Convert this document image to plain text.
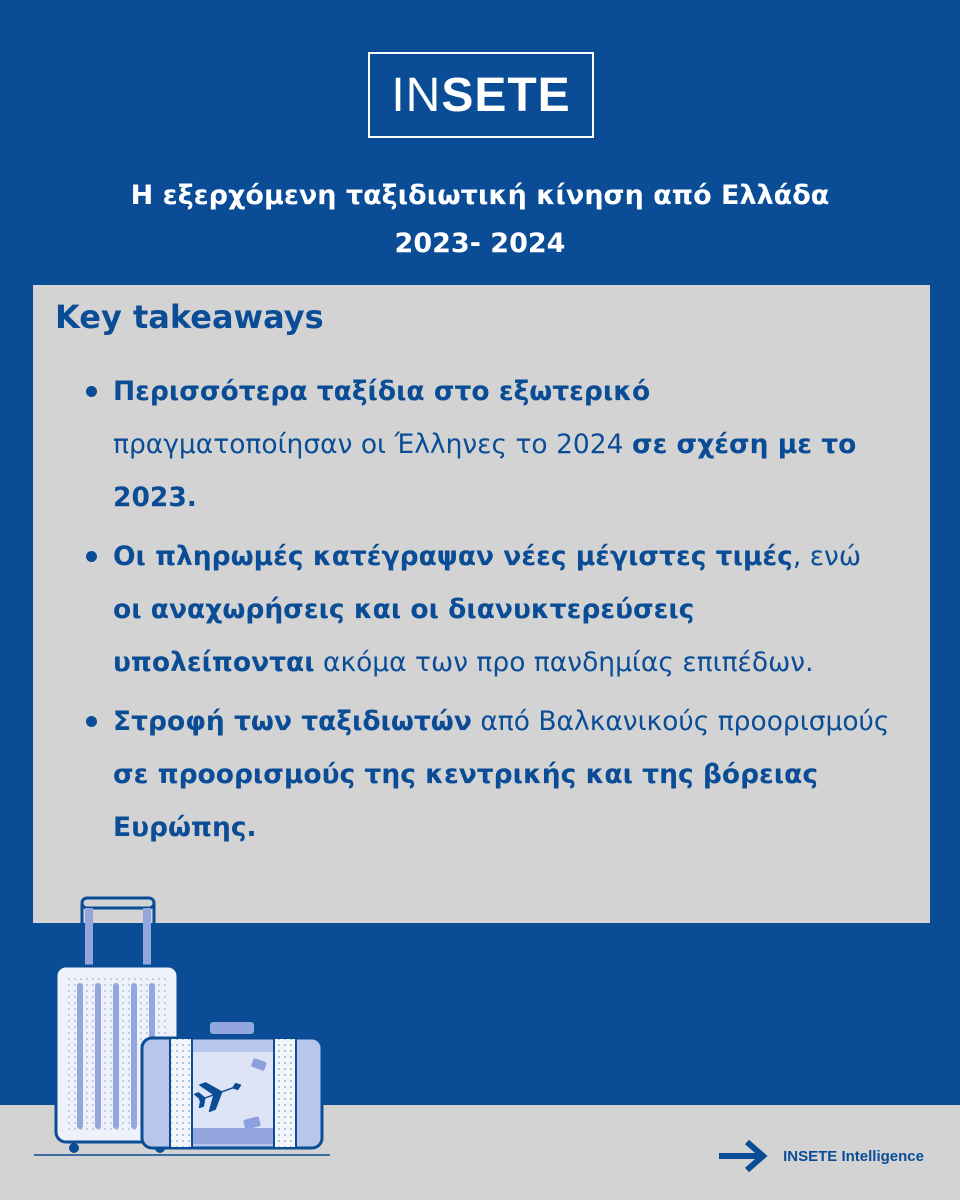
IN SETE
Η εξερχόμενη ταξιδιωτική κίνηση από Ελλάδα
2023- 2024
Key takeaways
Περισσότερα ταξίδια στο εξωτερικό πραγματοποίησαν οι Έλληνες το 2024 σε σχέση με το 2023.
Οι πληρωμές κατέγραψαν νέες μέγιστες τιμές, ενώ οι αναχωρήσεις και οι διανυκτερεύσεις υπολείπονται ακόμα των προ πανδημίας επιπέδων.
Στροφή των ταξιδιωτών από Βαλκανικούς προορισμούς σε προορισμούς της κεντρικής και της βόρειας Ευρώπης.
INSETE Intelligence
